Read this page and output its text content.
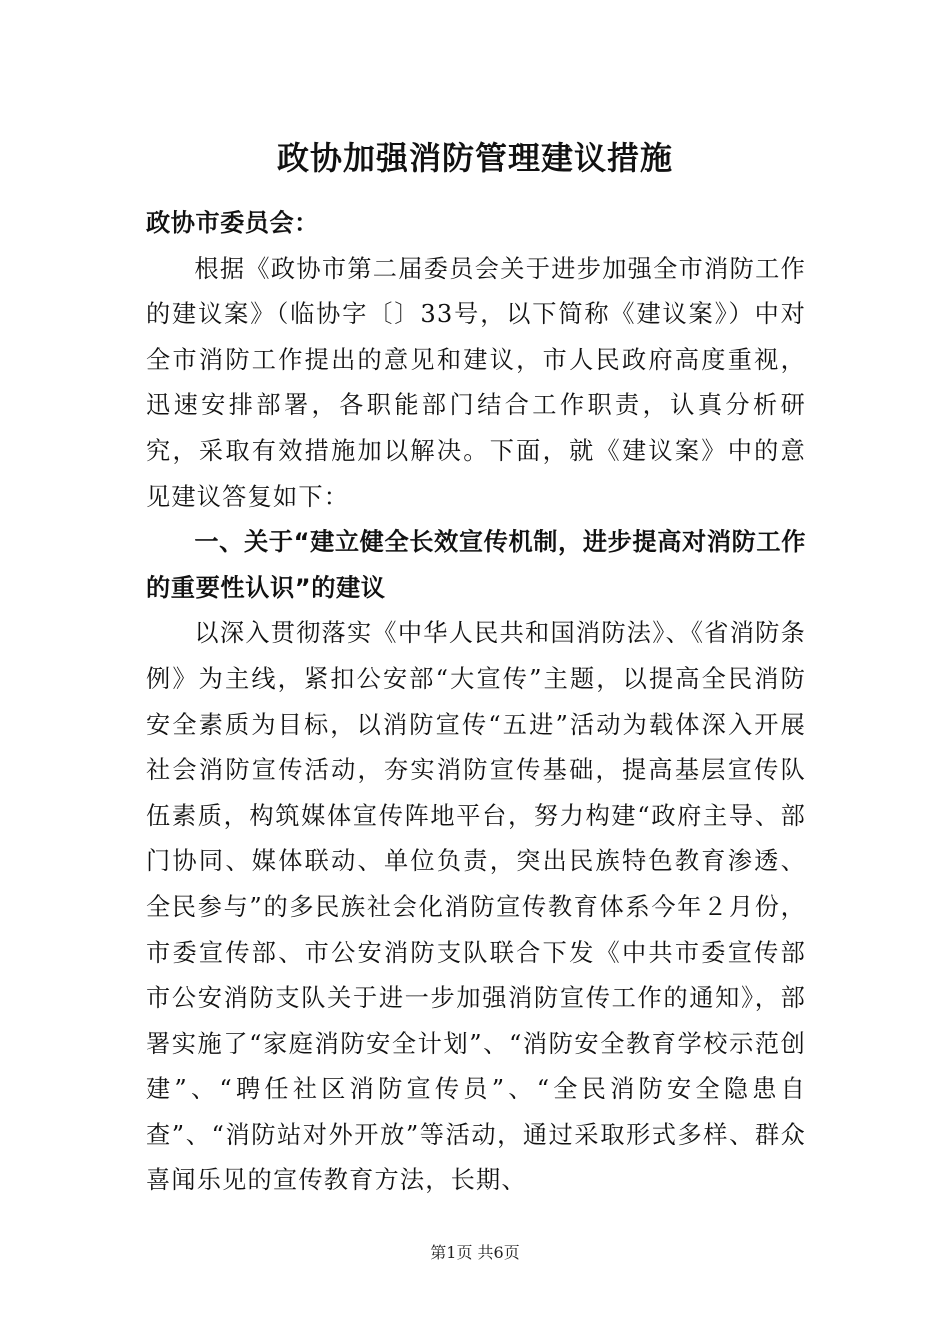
政协加强消防管理建议措施

政协市委员会：

根据《政协市第二届委员会关于进步加强全市消防工作的建议案》（临协字〔〕33号，以下简称《建议案》）中对全市消防工作提出的意见和建议，市人民政府高度重视，迅速安排部署，各职能部门结合工作职责，认真分析研究，采取有效措施加以解决。下面，就《建议案》中的意见建议答复如下：

一、关于“建立健全长效宣传机制，进步提高对消防工作的重要性认识”的建议

以深入贯彻落实《中华人民共和国消防法》、《省消防条例》为主线，紧扣公安部“大宣传”主题，以提高全民消防安全素质为目标，以消防宣传“五进”活动为载体深入开展社会消防宣传活动，夯实消防宣传基础，提高基层宣传队伍素质，构筑媒体宣传阵地平台，努力构建“政府主导、部门协同、媒体联动、单位负责，突出民族特色教育渗透、全民参与”的多民族社会化消防宣传教育体系今年２月份，市委宣传部、市公安消防支队联合下发《中共市委宣传部市公安消防支队关于进一步加强消防宣传工作的通知》，部署实施了“家庭消防安全计划”、“消防安全教育学校示范创建”、“聘任社区消防宣传员”、“全民消防安全隐患自查”、“消防站对外开放”等活动，通过采取形式多样、群众喜闻乐见的宣传教育方法，长期、

第1页 共6页
